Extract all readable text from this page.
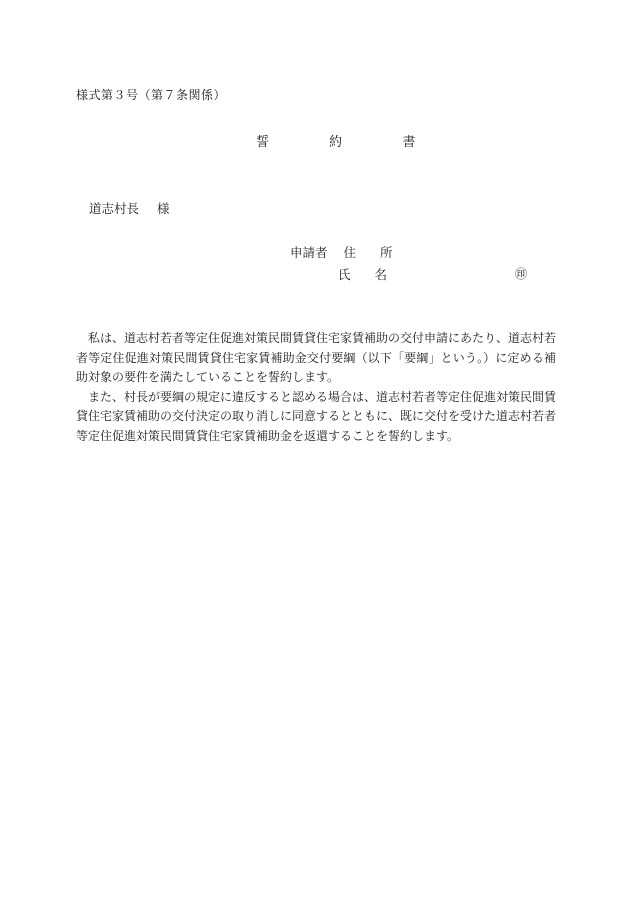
様式第３号（第７条関係）
誓	約	書
道志村長 様
申請者 住 所
氏 名	㊞

私は、道志村若者等定住促進対策民間賃貸住宅家賃補助の交付申請にあたり、道志村若者等定住促進対策民間賃貸住宅家賃補助金交付要綱（以下「要綱」という。）に定める補助対象の要件を満たしていることを誓約します。

また、村長が要綱の規定に違反すると認める場合は、道志村若者等定住促進対策民間賃貸住宅家賃補助の交付決定の取り消しに同意するとともに、既に交付を受けた道志村若者等定住促進対策民間賃貸住宅家賃補助金を返還することを誓約します。
